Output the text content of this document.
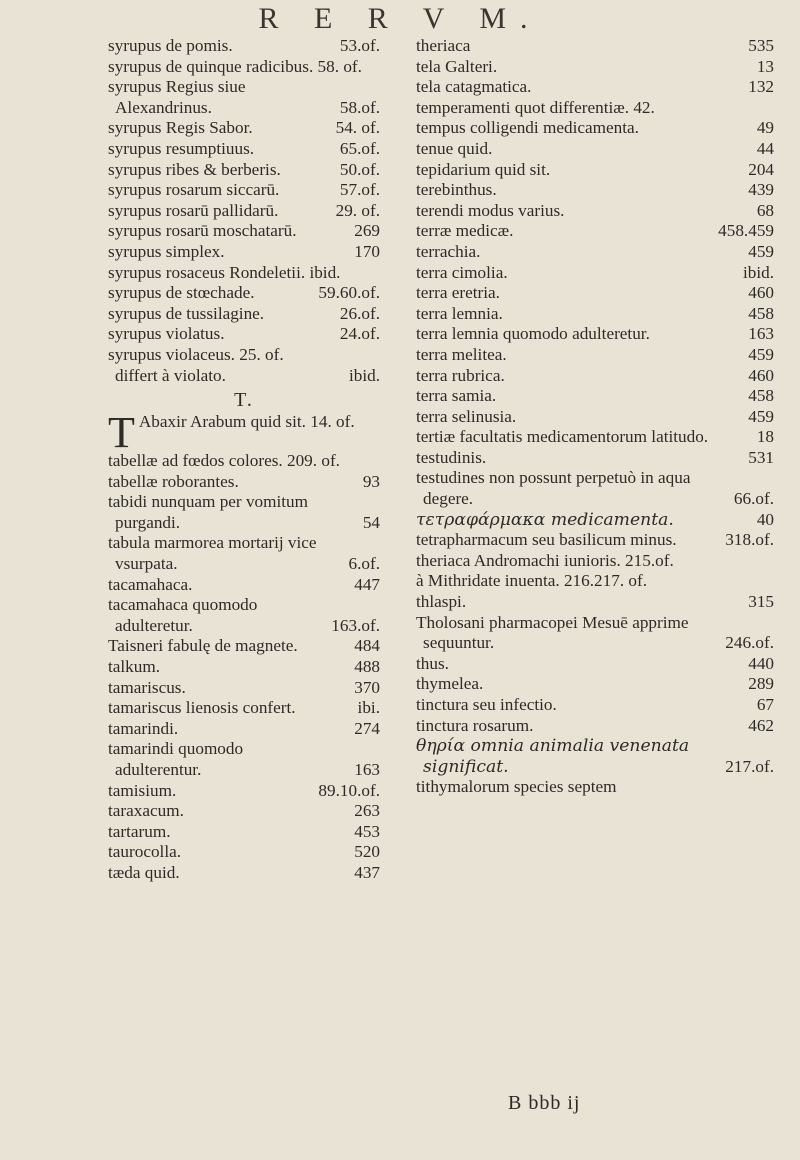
R E R V M.
syrupus de pomis.	53.of.
syrupus de quinque radicibus. 58. of.
syrupus Regius siue Alexandrinus.	58.of.
syrupus Regis Sabor.	54. of.
syrupus resumptiuus.	65.of.
syrupus ribes & berberis.	50.of.
syrupus rosarum siccarū.	57.of.
syrupus rosarū pallidarū.	29. of.
syrupus rosarū moschatarū.	269
syrupus simplex.	170
syrupus rosaceus Rondeletii. ibid.
syrupus de stœchade.	59.60.of.
syrupus de tussilagine.	26.of.
syrupus violatus.	24.of.
syrupus violaceus. 25. of. differt à violato.	ibid.
T.
T Abaxir Arabum quid sit. 14. of.
tabellæ ad fœdos colores. 209. of.
tabellæ roborantes.	93
tabidi nunquam per vomitum purgandi.	54
tabula marmorea mortarij vice vsurpata.	6.of.
tacamahaca.	447
tacamahaca quomodo adulteretur.	163.of.
Taisneri fabulę de magnete.	484
talkum.	488
tamariscus.	370
tamariscus lienosis confert.	ibi.
tamarindi.	274
tamarindi quomodo adulterentur.	163
tamisium.	89.10.of.
taraxacum.	263
tartarum.	453
taurocolla.	520
tæda quid.	437
theriaca	535
tela Galteri.	13
tela catagmatica.	132
temperamenti quot differentiæ. 42.
tempus colligendi medicamenta.	49
tenue quid.	44
tepidarium quid sit.	204
terebinthus.	439
terendi modus varius.	68
terræ medicæ.	458.459
terrachia.	459
terra cimolia.	ibid.
terra eretria.	460
terra lemnia.	458
terra lemnia quomodo adulteretur.	163
terra melitea.	459
terra rubrica.	460
terra samia.	458
terra selinusia.	459
tertiæ facultatis medicamentorum latitudo.	18
testudinis.	531
testudines non possunt perpetuò in aqua degere.	66.of.
τετραφάρμακα medicamenta.	40
tetrapharmacum seu basilicum minus.	318.of.
theriaca Andromachi iunioris. 215.of.
à Mithridate inuenta. 216.217. of.
thlaspi.	315
Tholosani pharmacopei Mesuē apprime sequuntur.	246.of.
thus.	440
thymelea.	289
tinctura seu infectio.	67
tinctura rosarum.	462
θηρία omnia animalia venenata significat.	217.of.
tithymalorum species septem
B bbb ij
